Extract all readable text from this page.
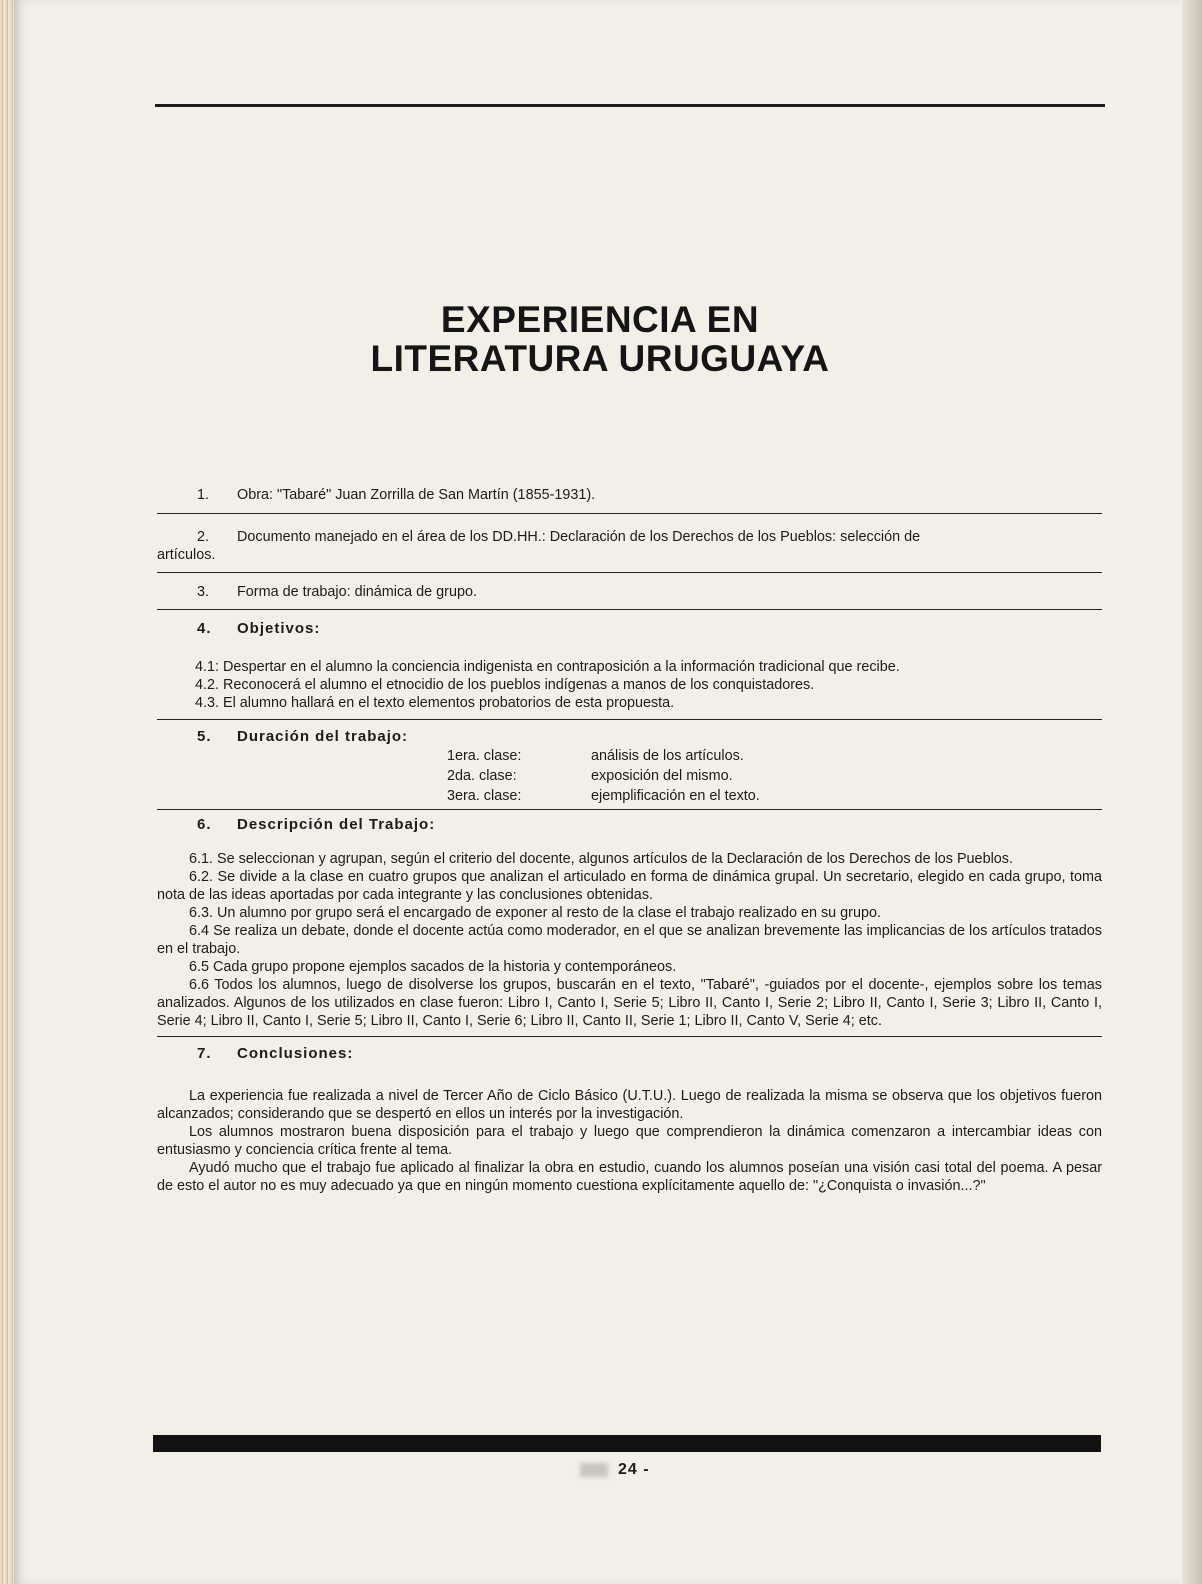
EXPERIENCIA EN
LITERATURA URUGUAYA
1. Obra: "Tabaré" Juan Zorrilla de San Martín (1855-1931).
2. Documento manejado en el área de los DD.HH.: Declaración de los Derechos de los Pueblos: selección de
artículos.
3. Forma de trabajo: dinámica de grupo.
4. Objetivos:
4.1: Despertar en el alumno la conciencia indigenista en contraposición a la información tradicional que recibe.
4.2. Reconocerá el alumno el etnocidio de los pueblos indígenas a manos de los conquistadores.
4.3. El alumno hallará en el texto elementos probatorios de esta propuesta.
5. Duración del trabajo:
1era. clase:	análisis de los artículos.
2da. clase:	exposición del mismo.
3era. clase:	ejemplificación en el texto.
6. Descripción del Trabajo:
6.1. Se seleccionan y agrupan, según el criterio del docente, algunos artículos de la Declaración de los Derechos de los Pueblos.
6.2. Se divide a la clase en cuatro grupos que analizan el articulado en forma de dinámica grupal. Un secretario, elegido en cada grupo, toma nota de las ideas aportadas por cada integrante y las conclusiones obtenidas.
6.3. Un alumno por grupo será el encargado de exponer al resto de la clase el trabajo realizado en su grupo.
6.4 Se realiza un debate, donde el docente actúa como moderador, en el que se analizan brevemente las implicancias de los artículos tratados en el trabajo.
6.5 Cada grupo propone ejemplos sacados de la historia y contemporáneos.
6.6 Todos los alumnos, luego de disolverse los grupos, buscarán en el texto, "Tabaré", -guiados por el docente-, ejemplos sobre los temas analizados. Algunos de los utilizados en clase fueron: Libro I, Canto I, Serie 5; Libro II, Canto I, Serie 2; Libro II, Canto I, Serie 3; Libro II, Canto I, Serie 4; Libro II, Canto I, Serie 5; Libro II, Canto I, Serie 6; Libro II, Canto II, Serie 1; Libro II, Canto V, Serie 4; etc.
7. Conclusiones:
La experiencia fue realizada a nivel de Tercer Año de Ciclo Básico (U.T.U.). Luego de realizada la misma se observa que los objetivos fueron alcanzados; considerando que se despertó en ellos un interés por la investigación.
Los alumnos mostraron buena disposición para el trabajo y luego que comprendieron la dinámica comenzaron a intercambiar ideas con entusiasmo y conciencia crítica frente al tema.
Ayudó mucho que el trabajo fue aplicado al finalizar la obra en estudio, cuando los alumnos poseían una visión casi total del poema. A pesar de esto el autor no es muy adecuado ya que en ningún momento cuestiona explícitamente aquello de: "¿Conquista o invasión...?"
24 -
